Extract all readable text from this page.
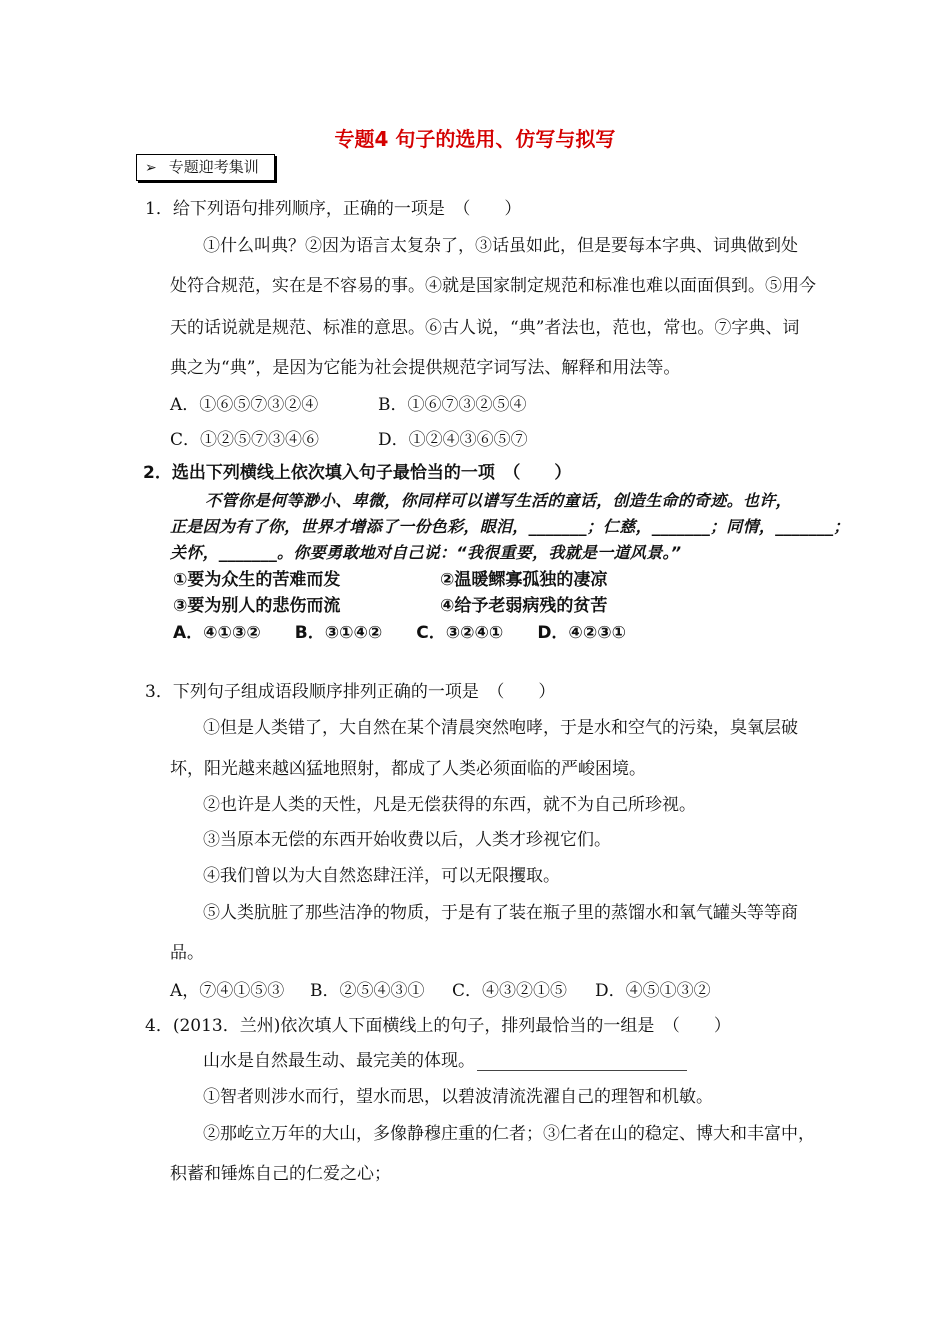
专题4 句子的选用、仿写与拟写
➢ 专题迎考集训
1．给下列语句排列顺序，正确的一项是　（　　）
①什么叫典？②因为语言太复杂了，③话虽如此，但是要每本字典、词典做到处
处符合规范，实在是不容易的事。④就是国家制定规范和标准也难以面面俱到。⑤用今
天的话说就是规范、标准的意思。⑥古人说，“典”者法也，范也，常也。⑦字典、词
典之为“典”，是因为它能为社会提供规范字词写法、解释和用法等。
A．①⑥⑤⑦③②④	B．①⑥⑦③②⑤④
C．①②⑤⑦③④⑥	D．①②④③⑥⑤⑦
2．选出下列横线上依次填入句子最恰当的一项　（　　）
不管你是何等渺小、卑微，你同样可以谱写生活的童话，创造生命的奇迹。也许，
正是因为有了你，世界才增添了一份色彩，眼泪，_______；仁慈，_______；同情，_______；
关怀，_______。你要勇敢地对自己说：“我很重要，我就是一道风景。”
①要为众生的苦难而发	②温暖鳏寡孤独的凄凉
③要为别人的悲伤而流	④给予老弱病残的贫苦
A．④①③②　　B．③①④②　　C．③②④①　　D．④②③①
3．下列句子组成语段顺序排列正确的一项是　（　　）
①但是人类错了，大自然在某个清晨突然咆哮，于是水和空气的污染，臭氧层破
坏，阳光越来越凶猛地照射，都成了人类必须面临的严峻困境。
②也许是人类的天性，凡是无偿获得的东西，就不为自己所珍视。
③当原本无偿的东西开始收费以后，人类才珍视它们。
④我们曾以为大自然恣肆汪洋，可以无限攫取。
⑤人类肮脏了那些洁净的物质，于是有了装在瓶子里的蒸馏水和氧气罐头等等商
品。
A，⑦④①⑤③ B．②⑤④③① C．④③②①⑤ D．④⑤①③②
4．(2013．兰州)依次填人下面横线上的句子，排列最恰当的一组是　（　　）
山水是自然最生动、最完美的体现。
①智者则涉水而行，望水而思，以碧波清流洗濯自己的理智和机敏。
②那屹立万年的大山，多像静穆庄重的仁者；③仁者在山的稳定、博大和丰富中，
积蓄和锤炼自己的仁爱之心；
